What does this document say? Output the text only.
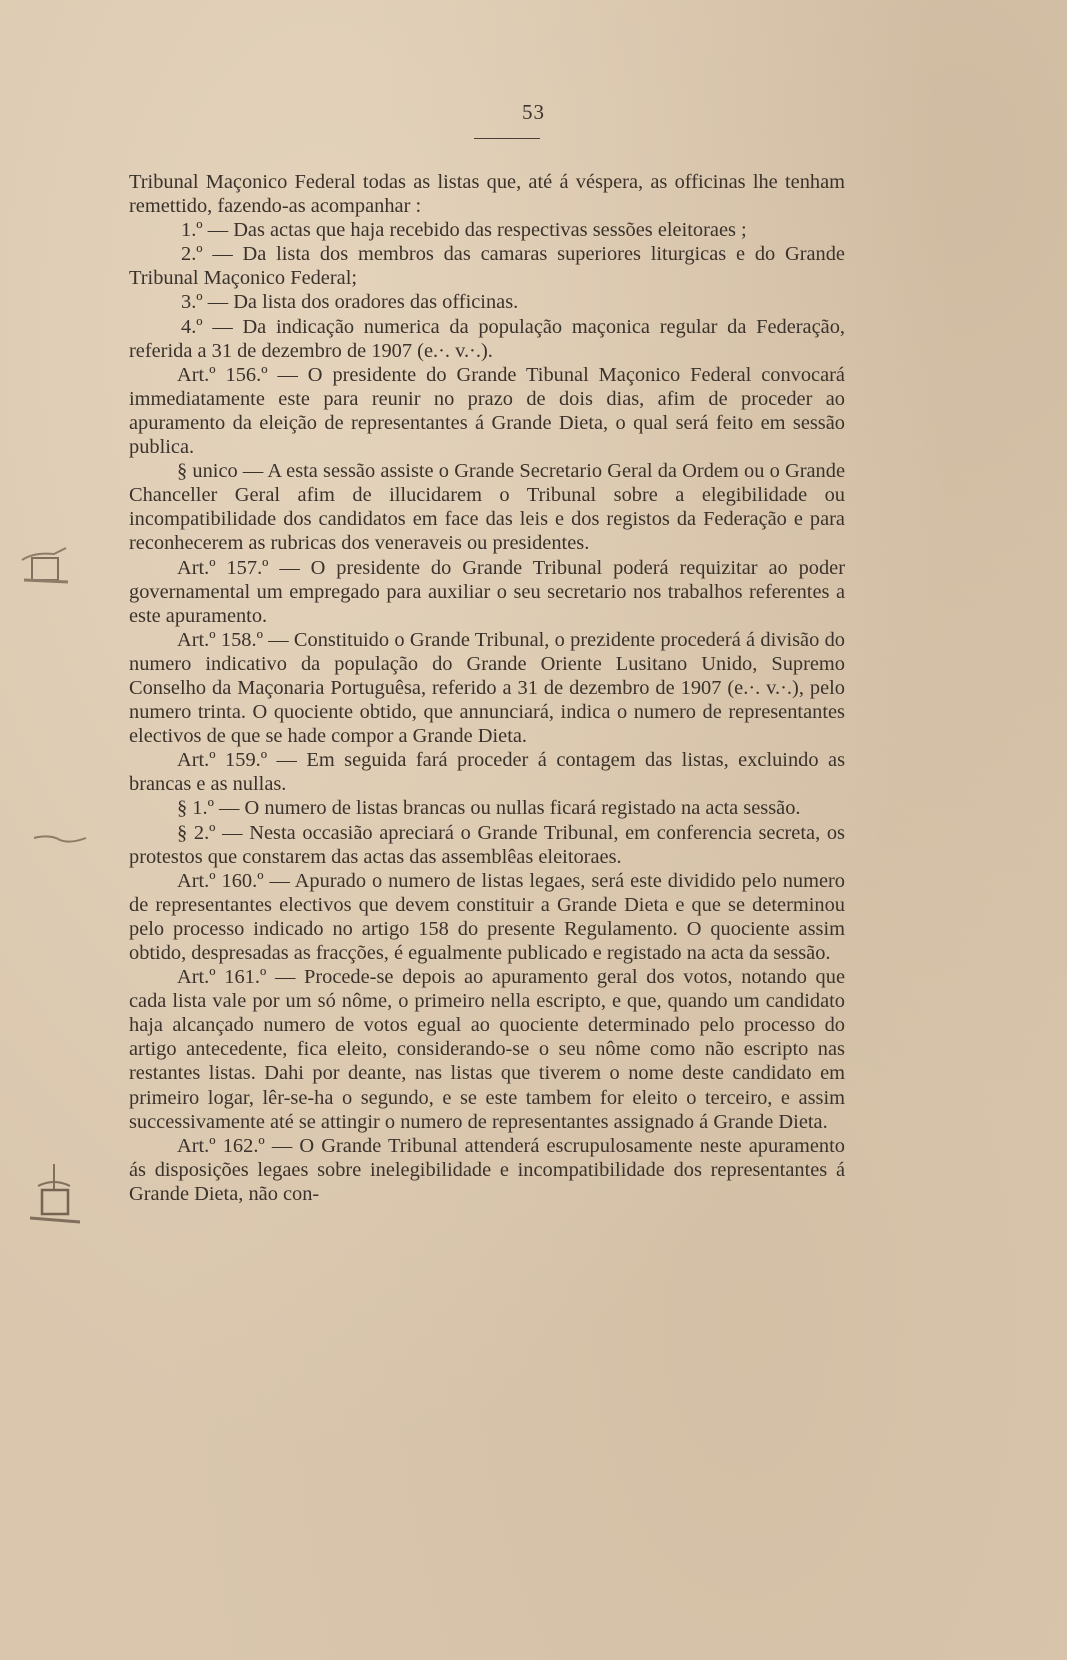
53

Tribunal Maçonico Federal todas as listas que, até á véspera, as officinas lhe tenham remettido, fazendo-as acompanhar :

1.º — Das actas que haja recebido das respectivas sessões eleitoraes ;

2.º — Da lista dos membros das camaras superiores liturgicas e do Grande Tribunal Maçonico Federal;

3.º — Da lista dos oradores das officinas.

4.º — Da indicação numerica da população maçonica regular da Federação, referida a 31 de dezembro de 1907 (e.·. v.·.).

Art.º 156.º — O presidente do Grande Tibunal Maçonico Federal convocará immediatamente este para reunir no prazo de dois dias, afim de proceder ao apuramento da eleição de representantes á Grande Dieta, o qual será feito em sessão publica.

§ unico — A esta sessão assiste o Grande Secretario Geral da Ordem ou o Grande Chanceller Geral afim de illucidarem o Tribunal sobre a elegibilidade ou incompatibilidade dos candidatos em face das leis e dos registos da Federação e para reconhecerem as rubricas dos veneraveis ou presidentes.

Art.º 157.º — O presidente do Grande Tribunal poderá requizitar ao poder governamental um empregado para auxiliar o seu secretario nos trabalhos referentes a este apuramento.

Art.º 158.º — Constituido o Grande Tribunal, o prezidente procederá á divisão do numero indicativo da população do Grande Oriente Lusitano Unido, Supremo Conselho da Maçonaria Portuguêsa, referido a 31 de dezembro de 1907 (e.·. v.·.), pelo numero trinta. O quociente obtido, que annunciará, indica o numero de representantes electivos de que se hade compor a Grande Dieta.

Art.º 159.º — Em seguida fará proceder á contagem das listas, excluindo as brancas e as nullas.

§ 1.º — O numero de listas brancas ou nullas ficará registado na acta sessão.

§ 2.º — Nesta occasião apreciará o Grande Tribunal, em conferencia secreta, os protestos que constarem das actas das assemblêas eleitoraes.

Art.º 160.º — Apurado o numero de listas legaes, será este dividido pelo numero de representantes electivos que devem constituir a Grande Dieta e que se determinou pelo processo indicado no artigo 158 do presente Regulamento. O quociente assim obtido, despresadas as fracções, é egualmente publicado e registado na acta da sessão.

Art.º 161.º — Procede-se depois ao apuramento geral dos votos, notando que cada lista vale por um só nôme, o primeiro nella escripto, e que, quando um candidato haja alcançado numero de votos egual ao quociente determinado pelo processo do artigo antecedente, fica eleito, considerando-se o seu nôme como não escripto nas restantes listas. Dahi por deante, nas listas que tiverem o nome deste candidato em primeiro logar, lêr-se-ha o segundo, e se este tambem for eleito o terceiro, e assim successivamente até se attingir o numero de representantes assignado á Grande Dieta.

Art.º 162.º — O Grande Tribunal attenderá escrupulosamente neste apuramento ás disposições legaes sobre inelegibilidade e incompatibilidade dos representantes á Grande Dieta, não con-
